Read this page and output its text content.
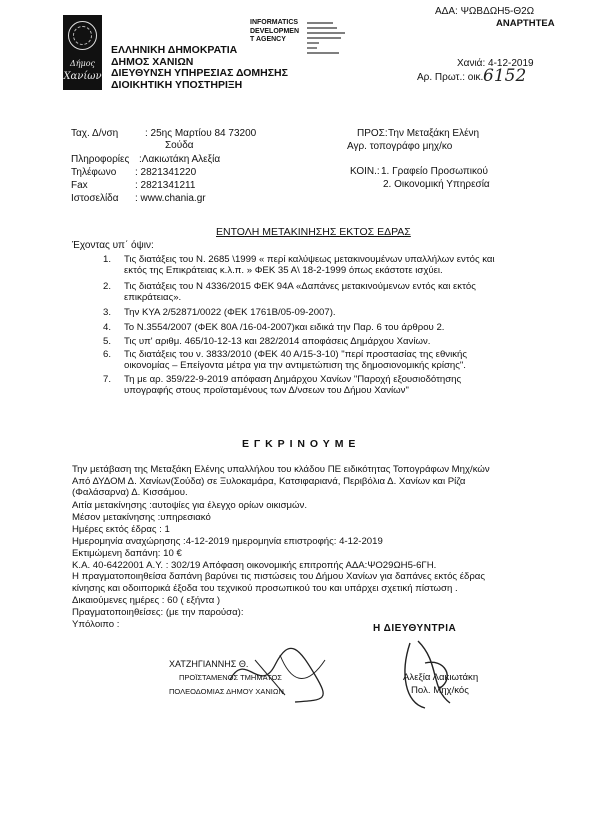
Δήμος
Χανίων
ΕΛΛΗΝΙΚΗ ΔΗΜΟΚΡΑΤΙΑ
ΔΗΜΟΣ ΧΑΝΙΩΝ
ΔΙΕΥΘΥΝΣΗ ΥΠΗΡΕΣΙΑΣ ΔΟΜΗΣΗΣ
ΔΙΟΙΚΗΤΙΚΗ ΥΠΟΣΤΗΡΙΞΗ
INFORMATICS
DEVELOPMEN
T AGENCY
ΑΔΑ: ΨΩΒΔΩΗ5-Θ2Ω
ΑΝΑΡΤΗΤΕΑ
Χανιά: 4-12-2019
Αρ. Πρωτ.: οικ. 6152
Ταχ. Δ/νση	: 25ης Μαρτίου 84 73200
Σούδα
Πληροφορίες :Λακιωτάκη Αλεξία
Τηλέφωνο : 2821341220
Fax	: 2821341211
Ιστοσελίδα : www.chania.gr
ΠΡΟΣ: Την Μεταξάκη Ελένη
Αγρ. τοπογράφο μηχ/κο
ΚΟΙΝ.: 1. Γραφείο Προσωπικού
2. Οικονομική Υπηρεσία
ΕΝΤΟΛΗ ΜΕΤΑΚΙΝΗΣΗΣ ΕΚΤΟΣ ΕΔΡΑΣ
Έχοντας υπ΄ όψιν:
1. Τις διατάξεις του Ν. 2685 \1999 « περί καλύψεως μετακινουμένων υπαλλήλων εντός και
εκτός της Επικράτειας κ.λ.π. » ΦΕΚ 35 Α\ 18-2-1999 όπως εκάστοτε ισχύει.
2. Τις διατάξεις του Ν 4336/2015 ΦΕΚ 94Α «Δαπάνες μετακινούμενων εντός και εκτός
επικράτειας».
3.	Την ΚΥΑ 2/52871/0022 (ΦΕΚ 1761Β/05-09-2007).
4.	Το Ν.3554/2007 (ΦΕΚ 80Α /16-04-2007)και ειδικά την Παρ. 6 του άρθρου 2.
5.	Τις υπ' αριθμ. 465/10-12-13 και 282/2014 αποφάσεις Δημάρχου Χανίων.
6. Τις διατάξεις του ν. 3833/2010 (ΦΕΚ 40 Α/15-3-10) "περί προστασίας της εθνικής
οικονομίας – Επείγοντα μέτρα για την αντιμετώπιση της δημοσιονομικής κρίσης".
7. Τη με αρ. 359/22-9-2019 απόφαση Δημάρχου Χανίων "Παροχή εξουσιοδότησης
υπογραφής στους προϊσταμένους των Δ/νσεων του Δήμου Χανίων"
Ε Γ Κ Ρ Ι Ν Ο Υ Μ Ε
Την μετάβαση της Μεταξάκη Ελένης υπαλλήλου του κλάδου ΠΕ ειδικότητας Τοπογράφων Μηχ/κών
Από ΔΥΔΟΜ Δ. Χανίων(Σούδα) σε Ξυλοκαμάρα, Κατσιφαριανά, Περιβόλια Δ. Χανίων και Ρίζα
(Φαλάσαρνα) Δ. Κισσάμου.
Αιτία μετακίνησης :αυτοψίες για έλεγχο ορίων οικισμών.
Μέσον μετακίνησης :υπηρεσιακό
Ημέρες εκτός έδρας : 1
Ημερομηνία αναχώρησης :4-12-2019 ημερομηνία επιστροφής: 4-12-2019
Εκτιμώμενη δαπάνη: 10 €
Κ.Α. 40-6422001 Α.Υ. : 302/19 Απόφαση οικονομικής επιτροπής ΑΔΑ:ΨΟ29ΩΗ5-6ΓΗ.
Η πραγματοποιηθείσα δαπάνη βαρύνει τις πιστώσεις του Δήμου Χανίων για δαπάνες εκτός έδρας
κίνησης και οδοιπορικά έξοδα του τεχνικού προσωπικού του και υπάρχει σχετική πίστωση .
Δικαιούμενες ημέρες : 60 ( εξήντα )
Πραγματοποιηθείσες: (με την παρούσα):
Υπόλοιπο :	Η ΔΙΕΥΘΥΝΤΡΙΑ
ΧΑΤΖΗΓΙΑΝΝΗΣ Θ.
ΠΡΟΪΣΤΑΜΕΝΟΣ ΤΜΗΜΑΤΟΣ
ΠΟΛΕΟΔΟΜΙΑΣ ΔΗΜΟΥ ΧΑΝΙΩΝ
Αλεξία Λακιωτάκη
Πολ. Μηχ/κός
